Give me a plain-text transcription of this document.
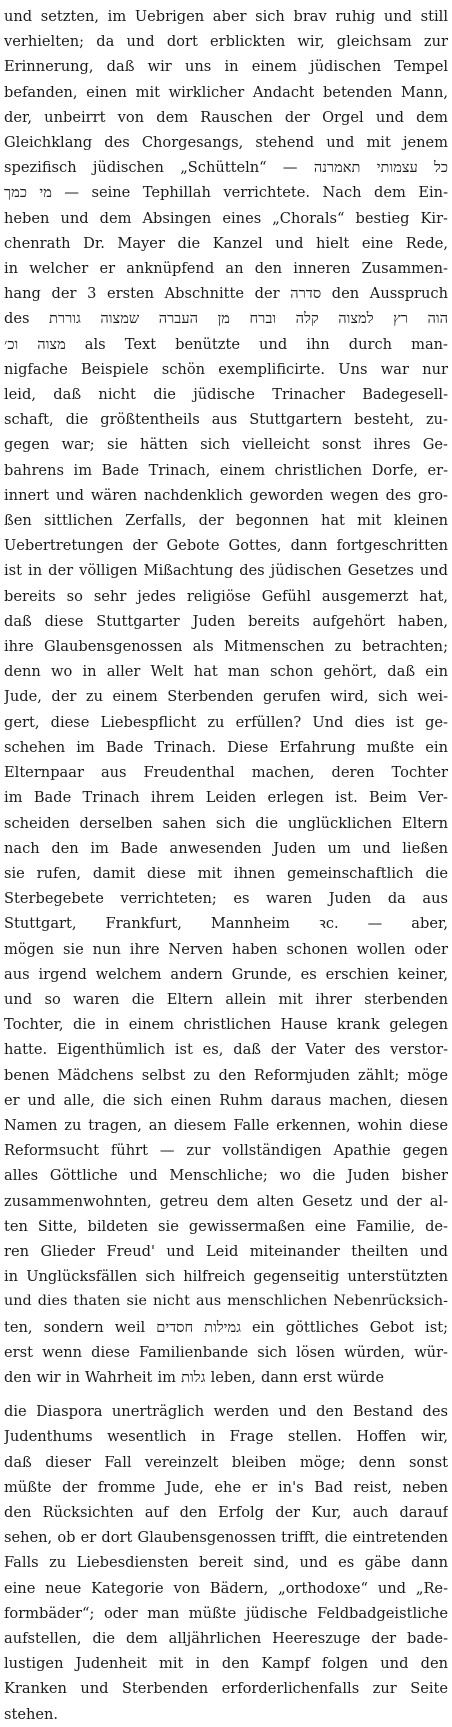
und setzten, im Uebrigen aber sich brav ruhig und still
verhielten; da und dort erblickten wir, gleichsam zur
Erinnerung, daß wir uns in einem jüdischen Tempel
befanden, einen mit wirklicher Andacht betenden Mann,
der, unbeirrt von dem Rauschen der Orgel und dem
Gleichklang des Chorgesangs, stehend und mit jenem
spezifisch jüdischen „Schütteln“ — כל עצמותי תאמרנה
מי כמך — seine Tephillah verrichtete. Nach dem Ein-
heben und dem Absingen eines „Chorals“ bestieg Kir-
chenrath Dr. Mayer die Kanzel und hielt eine Rede,
in welcher er anknüpfend an den inneren Zusammen-
hang der 3 ersten Abschnitte der סדרה den Ausspruch
des הוה רץ למצוה קלה וברח מן העברה שמצוה גוררת
מצוה וכ׳ als Text benützte und ihn durch man-
nigfache Beispiele schön exemplificirte. Uns war nur
leid, daß nicht die jüdische Trinacher Badegesell-
schaft, die größtentheils aus Stuttgartern besteht, zu-
gegen war; sie hätten sich vielleicht sonst ihres Ge-
bahrens im Bade Trinach, einem christlichen Dorfe, er-
innert und wären nachdenklich geworden wegen des gro-
ßen sittlichen Zerfalls, der begonnen hat mit kleinen
Uebertretungen der Gebote Gottes, dann fortgeschritten
ist in der völligen Mißachtung des jüdischen Gesetzes und
bereits so sehr jedes religiöse Gefühl ausgemerzt hat,
daß diese Stuttgarter Juden bereits aufgehört haben,
ihre Glaubensgenossen als Mitmenschen zu betrachten;
denn wo in aller Welt hat man schon gehört, daß ein
Jude, der zu einem Sterbenden gerufen wird, sich wei-
gert, diese Liebespflicht zu erfüllen? Und dies ist ge-
schehen im Bade Trinach. Diese Erfahrung mußte ein
Elternpaar aus Freudenthal machen, deren Tochter
im Bade Trinach ihrem Leiden erlegen ist. Beim Ver-
scheiden derselben sahen sich die unglücklichen Eltern
nach den im Bade anwesenden Juden um und ließen
sie rufen, damit diese mit ihnen gemeinschaftlich die
Sterbegebete verrichteten; es waren Juden da aus
Stuttgart, Frankfurt, Mannheim ꝛc. — aber,
mögen sie nun ihre Nerven haben schonen wollen oder
aus irgend welchem andern Grunde, es erschien keiner,
und so waren die Eltern allein mit ihrer sterbenden
Tochter, die in einem christlichen Hause krank gelegen
hatte. Eigenthümlich ist es, daß der Vater des verstor-
benen Mädchens selbst zu den Reformjuden zählt; möge
er und alle, die sich einen Ruhm daraus machen, diesen
Namen zu tragen, an diesem Falle erkennen, wohin diese
Reformsucht führt — zur vollständigen Apathie gegen
alles Göttliche und Menschliche; wo die Juden bisher
zusammenwohnten, getreu dem alten Gesetz und der al-
ten Sitte, bildeten sie gewissermaßen eine Familie, de-
ren Glieder Freud' und Leid miteinander theilten und
in Unglücksfällen sich hilfreich gegenseitig unterstützten
und dies thaten sie nicht aus menschlichen Nebenrücksich-
ten, sondern weil גמילות חסדים ein göttliches Gebot ist;
erst wenn diese Familienbande sich lösen würden, wür-
den wir in Wahrheit im גלות leben, dann erst würde
die Diaspora unerträglich werden und den Bestand des
Judenthums wesentlich in Frage stellen. Hoffen wir,
daß dieser Fall vereinzelt bleiben möge; denn sonst
müßte der fromme Jude, ehe er in's Bad reist, neben
den Rücksichten auf den Erfolg der Kur, auch darauf
sehen, ob er dort Glaubensgenossen trifft, die eintretenden
Falls zu Liebesdiensten bereit sind, und es gäbe dann
eine neue Kategorie von Bädern, „orthodoxe“ und „Re-
formbäder“; oder man müßte jüdische Feldbadgeistliche
aufstellen, die dem alljährlichen Heereszuge der bade-
lustigen Judenheit mit in den Kampf folgen und den
Kranken und Sterbenden erforderlichenfalls zur Seite
stehen.
